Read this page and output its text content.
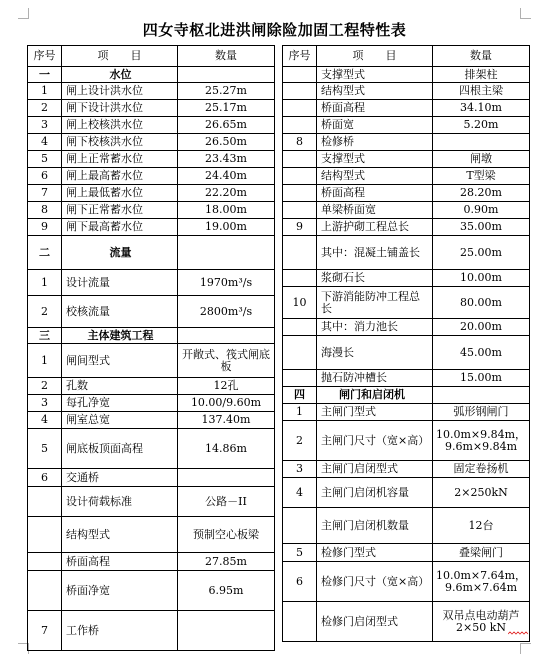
四女寺枢北进洪闸除险加固工程特性表
序号	项　　目	数量
一	水位	
1	闸上设计洪水位	25.27m
2	闸下设计洪水位	25.17m
3	闸上校核洪水位	26.65m
4	闸下校核洪水位	26.50m
5	闸上正常蓄水位	23.43m
6	闸上最高蓄水位	24.40m
7	闸上最低蓄水位	22.20m
8	闸下正常蓄水位	18.00m
9	闸下最高蓄水位	19.00m
二	流量	
1	设计流量	1970m³/s
2	校核流量	2800m³/s
三	主体建筑工程	
1	闸间型式	开敞式、筏式闸底板
2	孔数	12孔
3	每孔净宽	10.00/9.60m
4	闸室总宽	137.40m
5	闸底板顶面高程	14.86m
6	交通桥	
	设计荷载标准	公路－II
	结构型式	预制空心板梁
	桥面高程	27.85m
	桥面净宽	6.95m
7	工作桥	
序号	项　　目	数量
	支撑型式	排架柱
	结构型式	四根主梁
	桥面高程	34.10m
	桥面宽	5.20m
8	检修桥	
	支撑型式	闸墩
	结构型式	T型梁
	桥面高程	28.20m
	单梁桥面宽	0.90m
9	上游护砌工程总长	35.00m
	其中：混凝土铺盖长	25.00m
	浆砌石长	10.00m
10	下游消能防冲工程总长	80.00m
	其中：消力池长	20.00m
	海漫长	45.00m
	抛石防冲槽长	15.00m
四	闸门和启闭机	
1	主闸门型式	弧形钢闸门
2	主闸门尺寸（宽×高）	10.0m×9.84m，9.6m×9.84m
3	主闸门启闭型式	固定卷扬机
4	主闸门启闭机容量	2×250kN
	主闸门启闭机数量	12台
5	检修门型式	叠梁闸门
6	检修门尺寸（宽×高）	10.0m×7.64m，9.6m×7.64m
	检修门启闭型式	双吊点电动葫芦 2×50 kN
